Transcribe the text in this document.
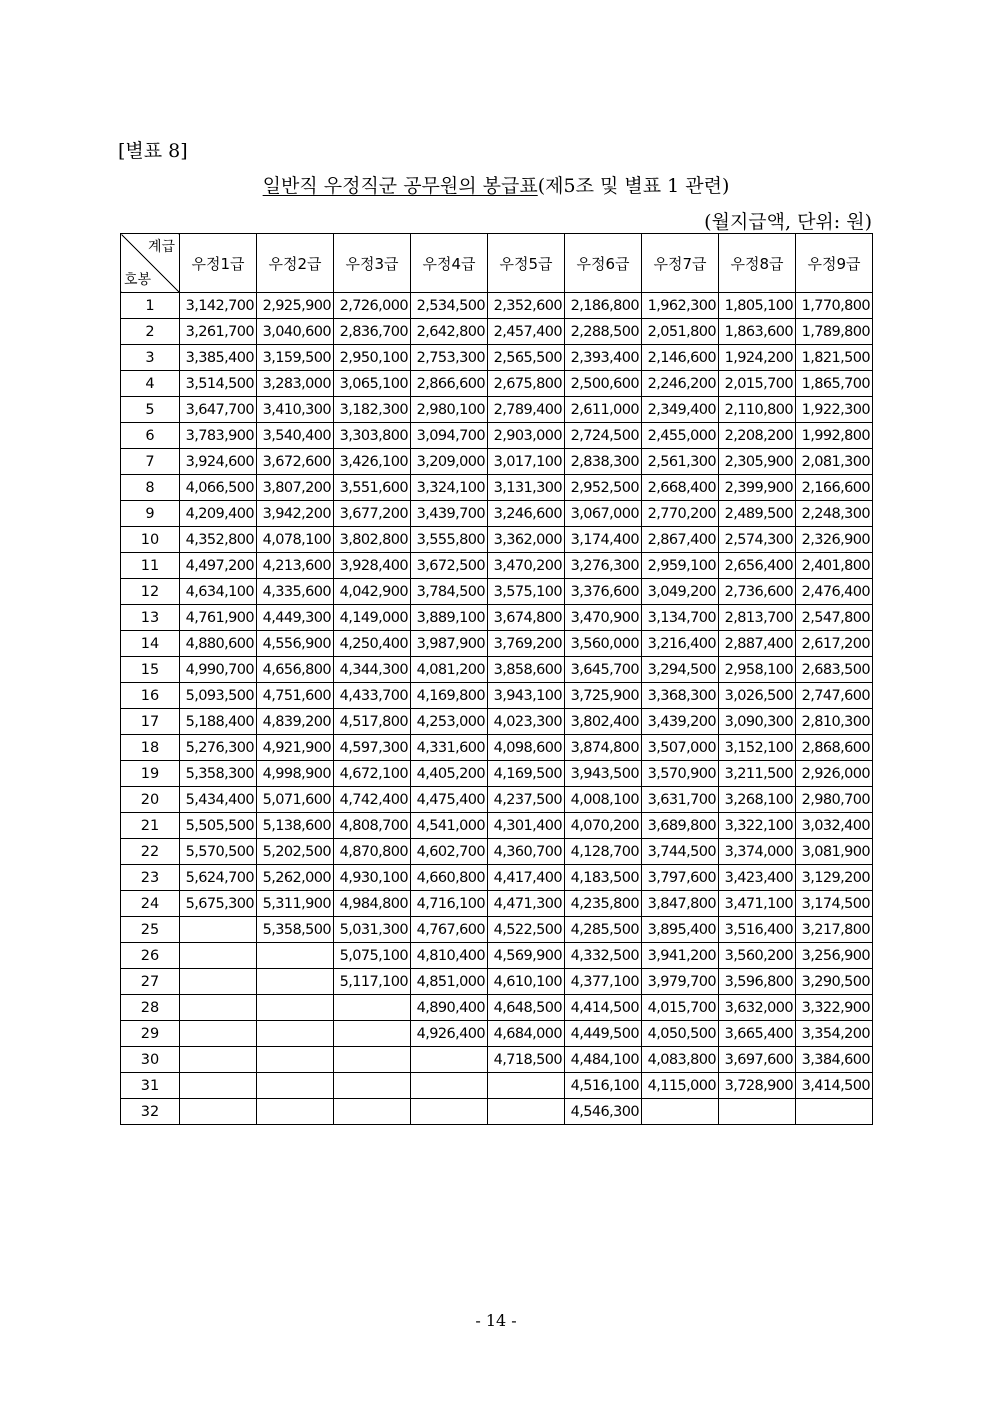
[별표 8]
일반직 우정직군 공무원의 봉급표(제5조 및 별표 1 관련)
(월지급액, 단위: 원)
계급
호봉	우정1급	우정2급	우정3급	우정4급	우정5급	우정6급	우정7급	우정8급	우정9급
1	3,142,700	2,925,900	2,726,000	2,534,500	2,352,600	2,186,800	1,962,300	1,805,100	1,770,800
2	3,261,700	3,040,600	2,836,700	2,642,800	2,457,400	2,288,500	2,051,800	1,863,600	1,789,800
3	3,385,400	3,159,500	2,950,100	2,753,300	2,565,500	2,393,400	2,146,600	1,924,200	1,821,500
4	3,514,500	3,283,000	3,065,100	2,866,600	2,675,800	2,500,600	2,246,200	2,015,700	1,865,700
5	3,647,700	3,410,300	3,182,300	2,980,100	2,789,400	2,611,000	2,349,400	2,110,800	1,922,300
6	3,783,900	3,540,400	3,303,800	3,094,700	2,903,000	2,724,500	2,455,000	2,208,200	1,992,800
7	3,924,600	3,672,600	3,426,100	3,209,000	3,017,100	2,838,300	2,561,300	2,305,900	2,081,300
8	4,066,500	3,807,200	3,551,600	3,324,100	3,131,300	2,952,500	2,668,400	2,399,900	2,166,600
9	4,209,400	3,942,200	3,677,200	3,439,700	3,246,600	3,067,000	2,770,200	2,489,500	2,248,300
10	4,352,800	4,078,100	3,802,800	3,555,800	3,362,000	3,174,400	2,867,400	2,574,300	2,326,900
11	4,497,200	4,213,600	3,928,400	3,672,500	3,470,200	3,276,300	2,959,100	2,656,400	2,401,800
12	4,634,100	4,335,600	4,042,900	3,784,500	3,575,100	3,376,600	3,049,200	2,736,600	2,476,400
13	4,761,900	4,449,300	4,149,000	3,889,100	3,674,800	3,470,900	3,134,700	2,813,700	2,547,800
14	4,880,600	4,556,900	4,250,400	3,987,900	3,769,200	3,560,000	3,216,400	2,887,400	2,617,200
15	4,990,700	4,656,800	4,344,300	4,081,200	3,858,600	3,645,700	3,294,500	2,958,100	2,683,500
16	5,093,500	4,751,600	4,433,700	4,169,800	3,943,100	3,725,900	3,368,300	3,026,500	2,747,600
17	5,188,400	4,839,200	4,517,800	4,253,000	4,023,300	3,802,400	3,439,200	3,090,300	2,810,300
18	5,276,300	4,921,900	4,597,300	4,331,600	4,098,600	3,874,800	3,507,000	3,152,100	2,868,600
19	5,358,300	4,998,900	4,672,100	4,405,200	4,169,500	3,943,500	3,570,900	3,211,500	2,926,000
20	5,434,400	5,071,600	4,742,400	4,475,400	4,237,500	4,008,100	3,631,700	3,268,100	2,980,700
21	5,505,500	5,138,600	4,808,700	4,541,000	4,301,400	4,070,200	3,689,800	3,322,100	3,032,400
22	5,570,500	5,202,500	4,870,800	4,602,700	4,360,700	4,128,700	3,744,500	3,374,000	3,081,900
23	5,624,700	5,262,000	4,930,100	4,660,800	4,417,400	4,183,500	3,797,600	3,423,400	3,129,200
24	5,675,300	5,311,900	4,984,800	4,716,100	4,471,300	4,235,800	3,847,800	3,471,100	3,174,500
25		5,358,500	5,031,300	4,767,600	4,522,500	4,285,500	3,895,400	3,516,400	3,217,800
26			5,075,100	4,810,400	4,569,900	4,332,500	3,941,200	3,560,200	3,256,900
27			5,117,100	4,851,000	4,610,100	4,377,100	3,979,700	3,596,800	3,290,500
28				4,890,400	4,648,500	4,414,500	4,015,700	3,632,000	3,322,900
29				4,926,400	4,684,000	4,449,500	4,050,500	3,665,400	3,354,200
30					4,718,500	4,484,100	4,083,800	3,697,600	3,384,600
31						4,516,100	4,115,000	3,728,900	3,414,500
32						4,546,300			
- 14 -
